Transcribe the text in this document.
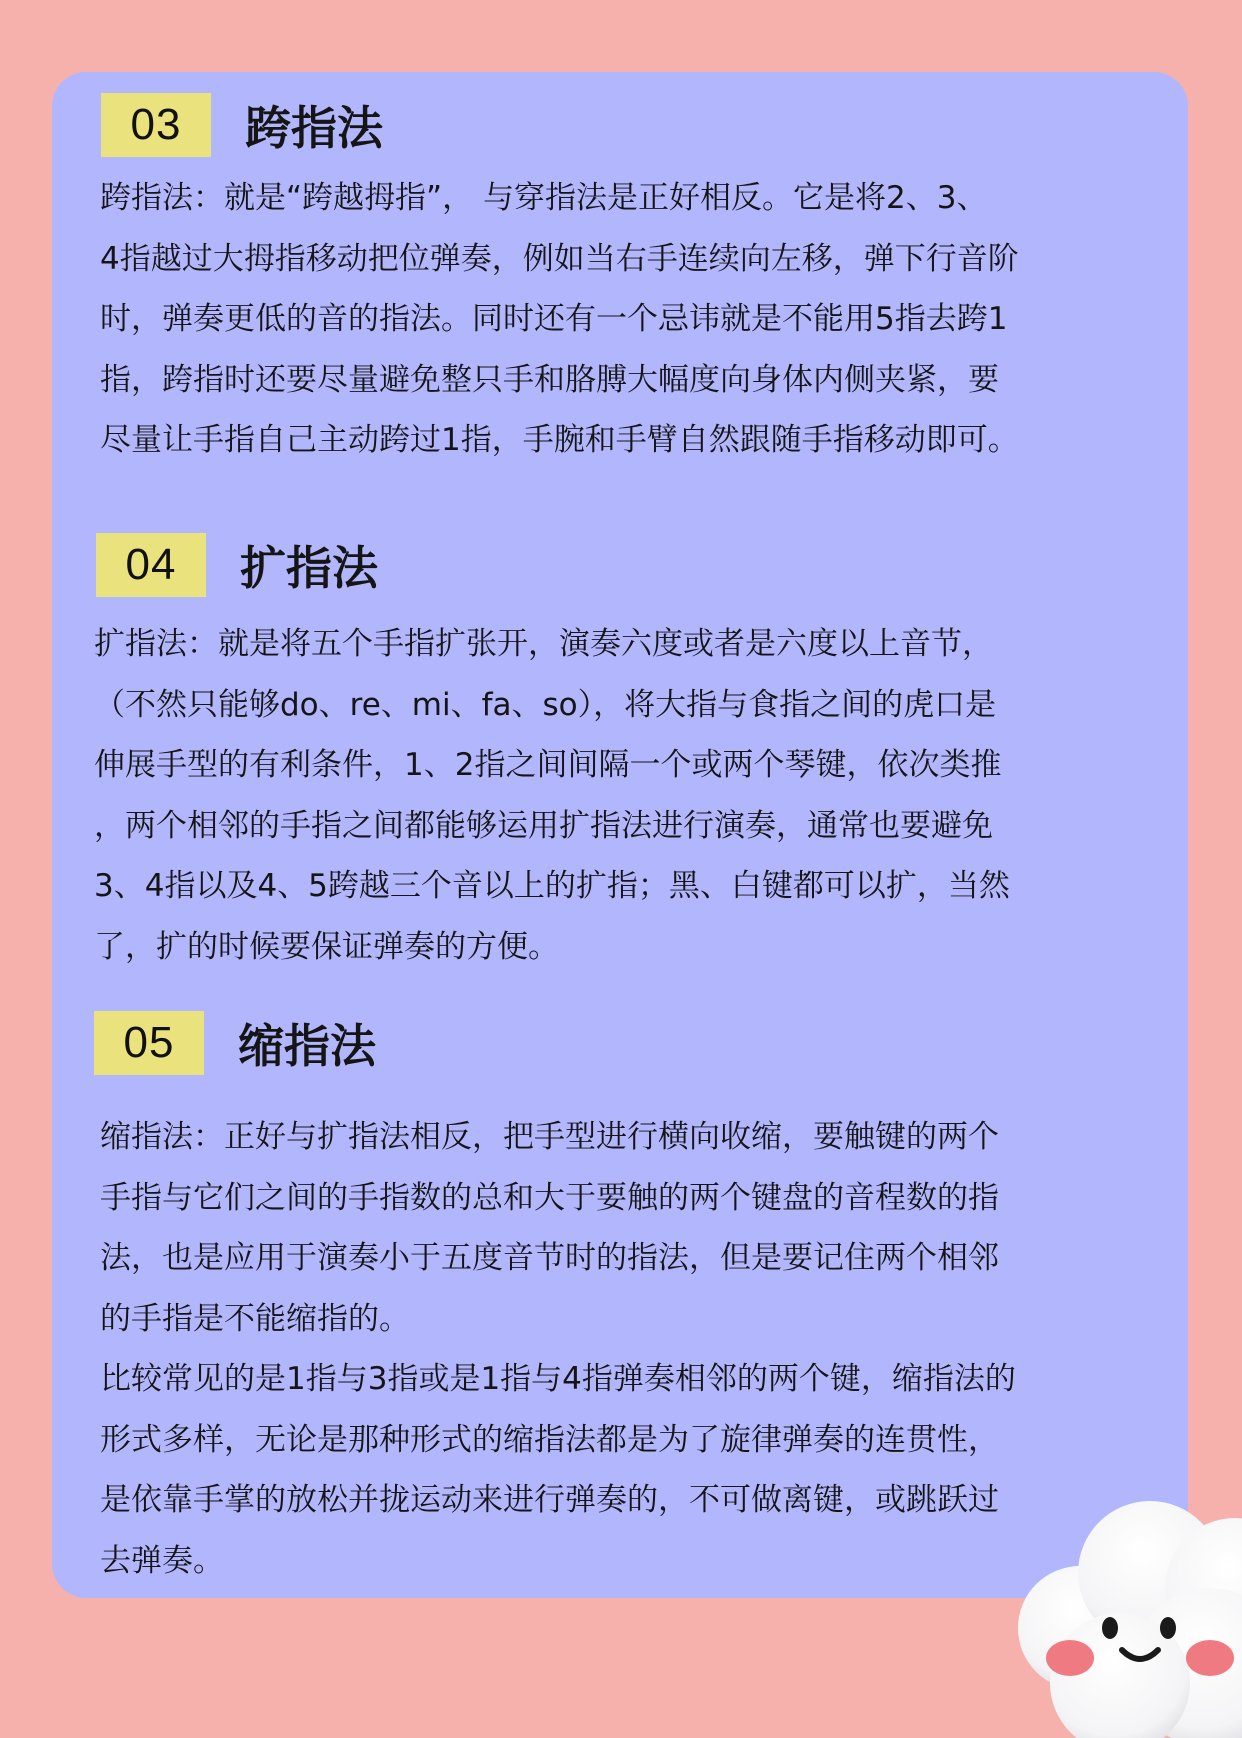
03	跨指法
跨指法：就是“跨越拇指”， 与穿指法是正好相反。它是将2、3、
4指越过大拇指移动把位弹奏，例如当右手连续向左移，弹下行音阶
时，弹奏更低的音的指法。同时还有一个忌讳就是不能用5指去跨1
指，跨指时还要尽量避免整只手和胳膊大幅度向身体内侧夹紧，要
尽量让手指自己主动跨过1指，手腕和手臂自然跟随手指移动即可。
04	扩指法
扩指法：就是将五个手指扩张开，演奏六度或者是六度以上音节，
（不然只能够do、re、mi、fa、so），将大指与食指之间的虎口是
伸展手型的有利条件，1、2指之间间隔一个或两个琴键，依次类推
，两个相邻的手指之间都能够运用扩指法进行演奏，通常也要避免
3、4指以及4、5跨越三个音以上的扩指；黑、白键都可以扩，当然
了，扩的时候要保证弹奏的方便。
05	缩指法
缩指法：正好与扩指法相反，把手型进行横向收缩，要触键的两个
手指与它们之间的手指数的总和大于要触的两个键盘的音程数的指
法，也是应用于演奏小于五度音节时的指法，但是要记住两个相邻
的手指是不能缩指的。
比较常见的是1指与3指或是1指与4指弹奏相邻的两个键，缩指法的
形式多样，无论是那种形式的缩指法都是为了旋律弹奏的连贯性，
是依靠手掌的放松并拢运动来进行弹奏的，不可做离键，或跳跃过
去弹奏。
